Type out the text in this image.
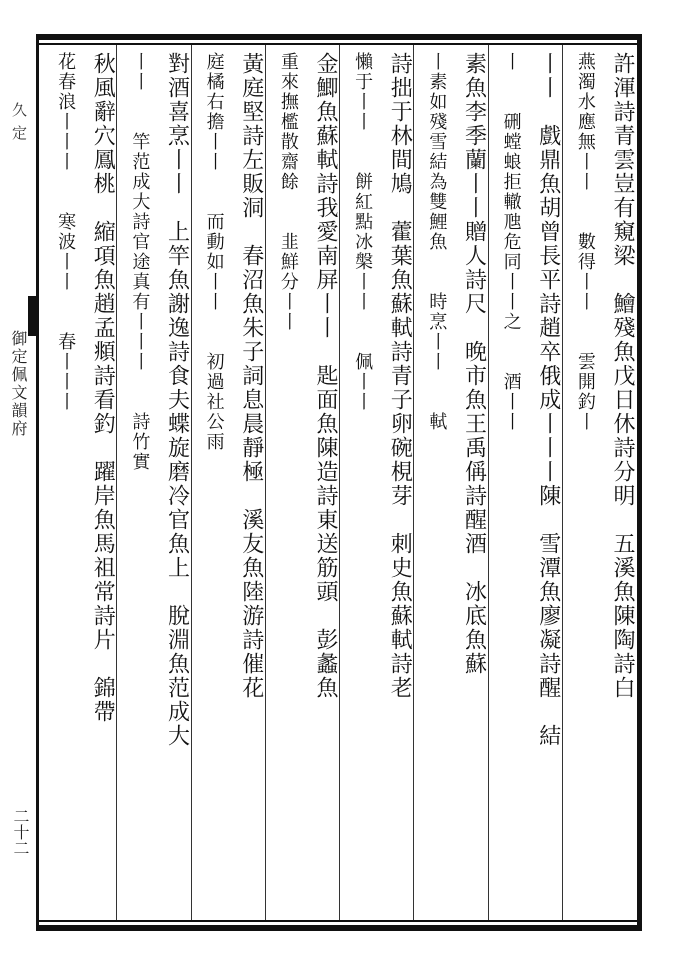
久定
御定佩文韻府
二十二
許渾詩青雲豈有窺梁　鱠殘魚戊日休詩分明　五溪魚陳陶詩白
燕濁水應無丨丨　　數得丨丨　　雲開釣丨
丨丨　戲鼎魚胡曾長平詩趙卒俄成丨丨丨陳　雪潭魚廖凝詩醒　結
丨　　硎螳蜋拒轍虺危同丨丨之　　酒丨丨
素魚李季蘭丨丨贈人詩尺　晚市魚王禹偁詩醒酒　冰底魚蘇
丨素如殘雪結為雙鯉魚　　時烹丨丨　　軾
詩拙于林間鳩　藿葉魚蘇軾詩青子卵碗梘芽　刺史魚蘇軾詩老
懶于丨丨　　餅紅點冰槃丨丨　　佩丨丨
金鯽魚蘇軾詩我愛南屏丨丨　匙面魚陳造詩東送筋頭　彭蠡魚
重來撫檻散齋餘　　韭鮮分丨丨
黃庭堅詩左販洞　春沼魚朱子詞息晨靜極　溪友魚陸游詩催花
庭橘右擔丨丨　　而動如丨丨　　初過社公雨
對酒喜烹丨丨　上竿魚謝逸詩食夫蝶旋磨冷官魚上　脫淵魚范成大
丨丨　　竿范成大詩官途真有丨丨丨　　詩竹實
秋風辭穴鳳桃　縮項魚趙孟頫詩看釣　躍岸魚馬祖常詩片　錦帶
花春浪丨丨丨　　寒波丨丨　　春丨丨丨
